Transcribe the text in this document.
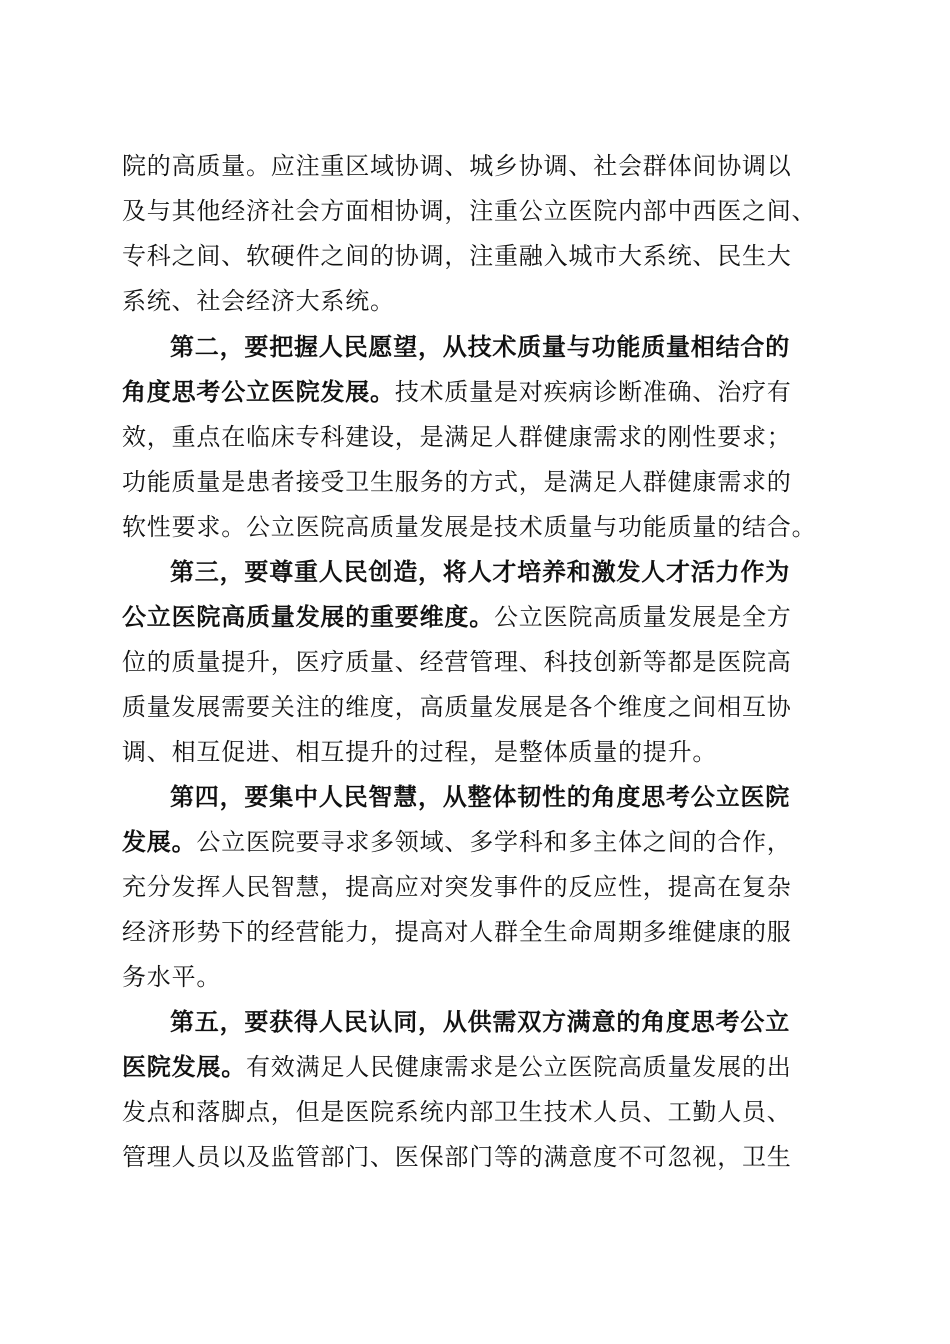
院的高质量。应注重区域协调、城乡协调、社会群体间协调以
及与其他经济社会方面相协调，注重公立医院内部中西医之间、
专科之间、软硬件之间的协调，注重融入城市大系统、民生大
系统、社会经济大系统。
第二，要把握人民愿望，从技术质量与功能质量相结合的
角度思考公立医院发展。技术质量是对疾病诊断准确、治疗有
效，重点在临床专科建设，是满足人群健康需求的刚性要求；
功能质量是患者接受卫生服务的方式，是满足人群健康需求的
软性要求。公立医院高质量发展是技术质量与功能质量的结合。
第三，要尊重人民创造，将人才培养和激发人才活力作为
公立医院高质量发展的重要维度。公立医院高质量发展是全方
位的质量提升，医疗质量、经营管理、科技创新等都是医院高
质量发展需要关注的维度，高质量发展是各个维度之间相互协
调、相互促进、相互提升的过程，是整体质量的提升。
第四，要集中人民智慧，从整体韧性的角度思考公立医院
发展。公立医院要寻求多领域、多学科和多主体之间的合作，
充分发挥人民智慧，提高应对突发事件的反应性，提高在复杂
经济形势下的经营能力，提高对人群全生命周期多维健康的服
务水平。
第五，要获得人民认同，从供需双方满意的角度思考公立
医院发展。有效满足人民健康需求是公立医院高质量发展的出
发点和落脚点，但是医院系统内部卫生技术人员、工勤人员、
管理人员以及监管部门、医保部门等的满意度不可忽视，卫生
